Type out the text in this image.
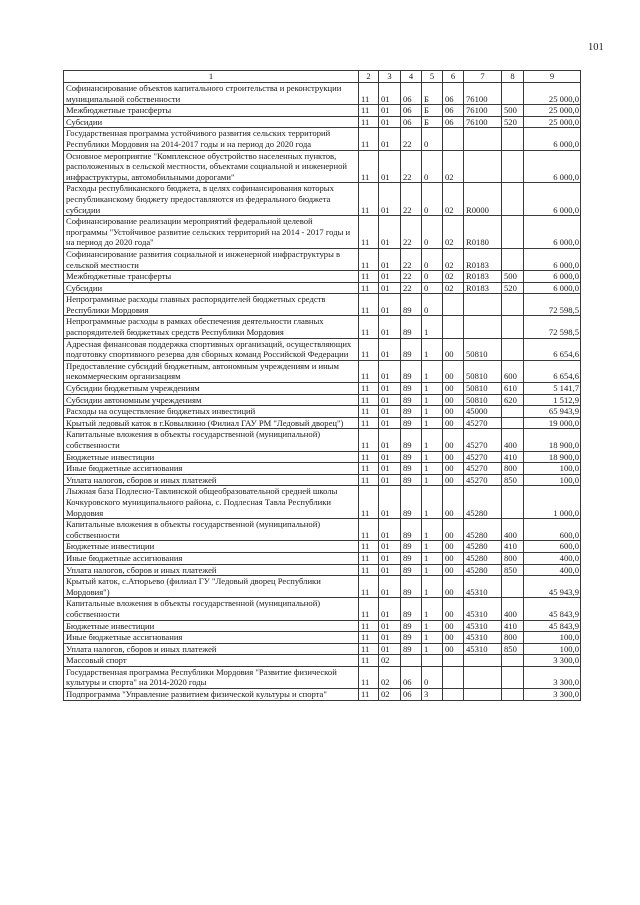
101
1	2	3	4	5	6	7	8	9
Софинансирование объектов капитального строительства и реконструкции муниципальной собственности	11	01	06	Б	06	76100		25 000,0
Межбюджетные трансферты	11	01	06	Б	06	76100	500	25 000,0
Субсидии	11	01	06	Б	06	76100	520	25 000,0
Государственная программа устойчивого развития сельских территорий Республики Мордовия на 2014-2017 годы и на период до 2020 года	11	01	22	0				6 000,0
Основное мероприятие "Комплексное обустройство населенных пунктов, расположенных в сельской местности, объектами социальной и инженерной инфраструктуры, автомобильными дорогами"	11	01	22	0	02			6 000,0
Расходы республиканского бюджета, в целях софинансирования которых республиканскому бюджету предоставляются из федерального бюджета субсидии	11	01	22	0	02	R0000		6 000,0
Софинансирование реализации мероприятий федеральной целевой программы "Устойчивое развитие сельских территорий на 2014 - 2017 годы и на период до 2020 года"	11	01	22	0	02	R0180		6 000,0
Софинансирование развития социальной и инженерной инфраструктуры в сельской местности	11	01	22	0	02	R0183		6 000,0
Межбюджетные трансферты	11	01	22	0	02	R0183	500	6 000,0
Субсидии	11	01	22	0	02	R0183	520	6 000,0
Непрограммные расходы главных распорядителей бюджетных средств Республики Мордовия	11	01	89	0				72 598,5
Непрограммные расходы в рамках обеспечения деятельности главных распорядителей бюджетных средств Республики Мордовия	11	01	89	1				72 598,5
Адресная финансовая поддержка спортивных организаций, осуществляющих подготовку спортивного резерва для сборных команд Российской Федерации	11	01	89	1	00	50810		6 654,6
Предоставление субсидий бюджетным, автономным учреждениям и иным некоммерческим организациям	11	01	89	1	00	50810	600	6 654,6
Субсидии бюджетным учреждениям	11	01	89	1	00	50810	610	5 141,7
Субсидии автономным учреждениям	11	01	89	1	00	50810	620	1 512,9
Расходы на осуществление бюджетных инвестиций	11	01	89	1	00	45000		65 943,9
Крытый ледовый каток в г.Ковылкино (Филиал ГАУ РМ "Ледовый дворец")	11	01	89	1	00	45270		19 000,0
Капитальные вложения в объекты государственной (муниципальной) собственности	11	01	89	1	00	45270	400	18 900,0
Бюджетные инвестиции	11	01	89	1	00	45270	410	18 900,0
Иные бюджетные ассигнования	11	01	89	1	00	45270	800	100,0
Уплата налогов, сборов и иных платежей	11	01	89	1	00	45270	850	100,0
Лыжная база Подлесно-Тавлинской общеобразовательной средней школы Кочкуровского муниципального района, с. Подлесная Тавла Республики Мордовия	11	01	89	1	00	45280		1 000,0
Капитальные вложения в объекты государственной (муниципальной) собственности	11	01	89	1	00	45280	400	600,0
Бюджетные инвестиции	11	01	89	1	00	45280	410	600,0
Иные бюджетные ассигнования	11	01	89	1	00	45280	800	400,0
Уплата налогов, сборов и иных платежей	11	01	89	1	00	45280	850	400,0
Крытый каток, с.Атюрьево (филиал ГУ "Ледовый дворец Республики Мордовия")	11	01	89	1	00	45310		45 943,9
Капитальные вложения в объекты государственной (муниципальной) собственности	11	01	89	1	00	45310	400	45 843,9
Бюджетные инвестиции	11	01	89	1	00	45310	410	45 843,9
Иные бюджетные ассигнования	11	01	89	1	00	45310	800	100,0
Уплата налогов, сборов и иных платежей	11	01	89	1	00	45310	850	100,0
Массовый спорт	11	02						3 300,0
Государственная программа Республики Мордовия "Развитие физической культуры и спорта" на 2014-2020 годы	11	02	06	0				3 300,0
Подпрограмма "Управление развитием физической культуры и спорта"	11	02	06	3				3 300,0
